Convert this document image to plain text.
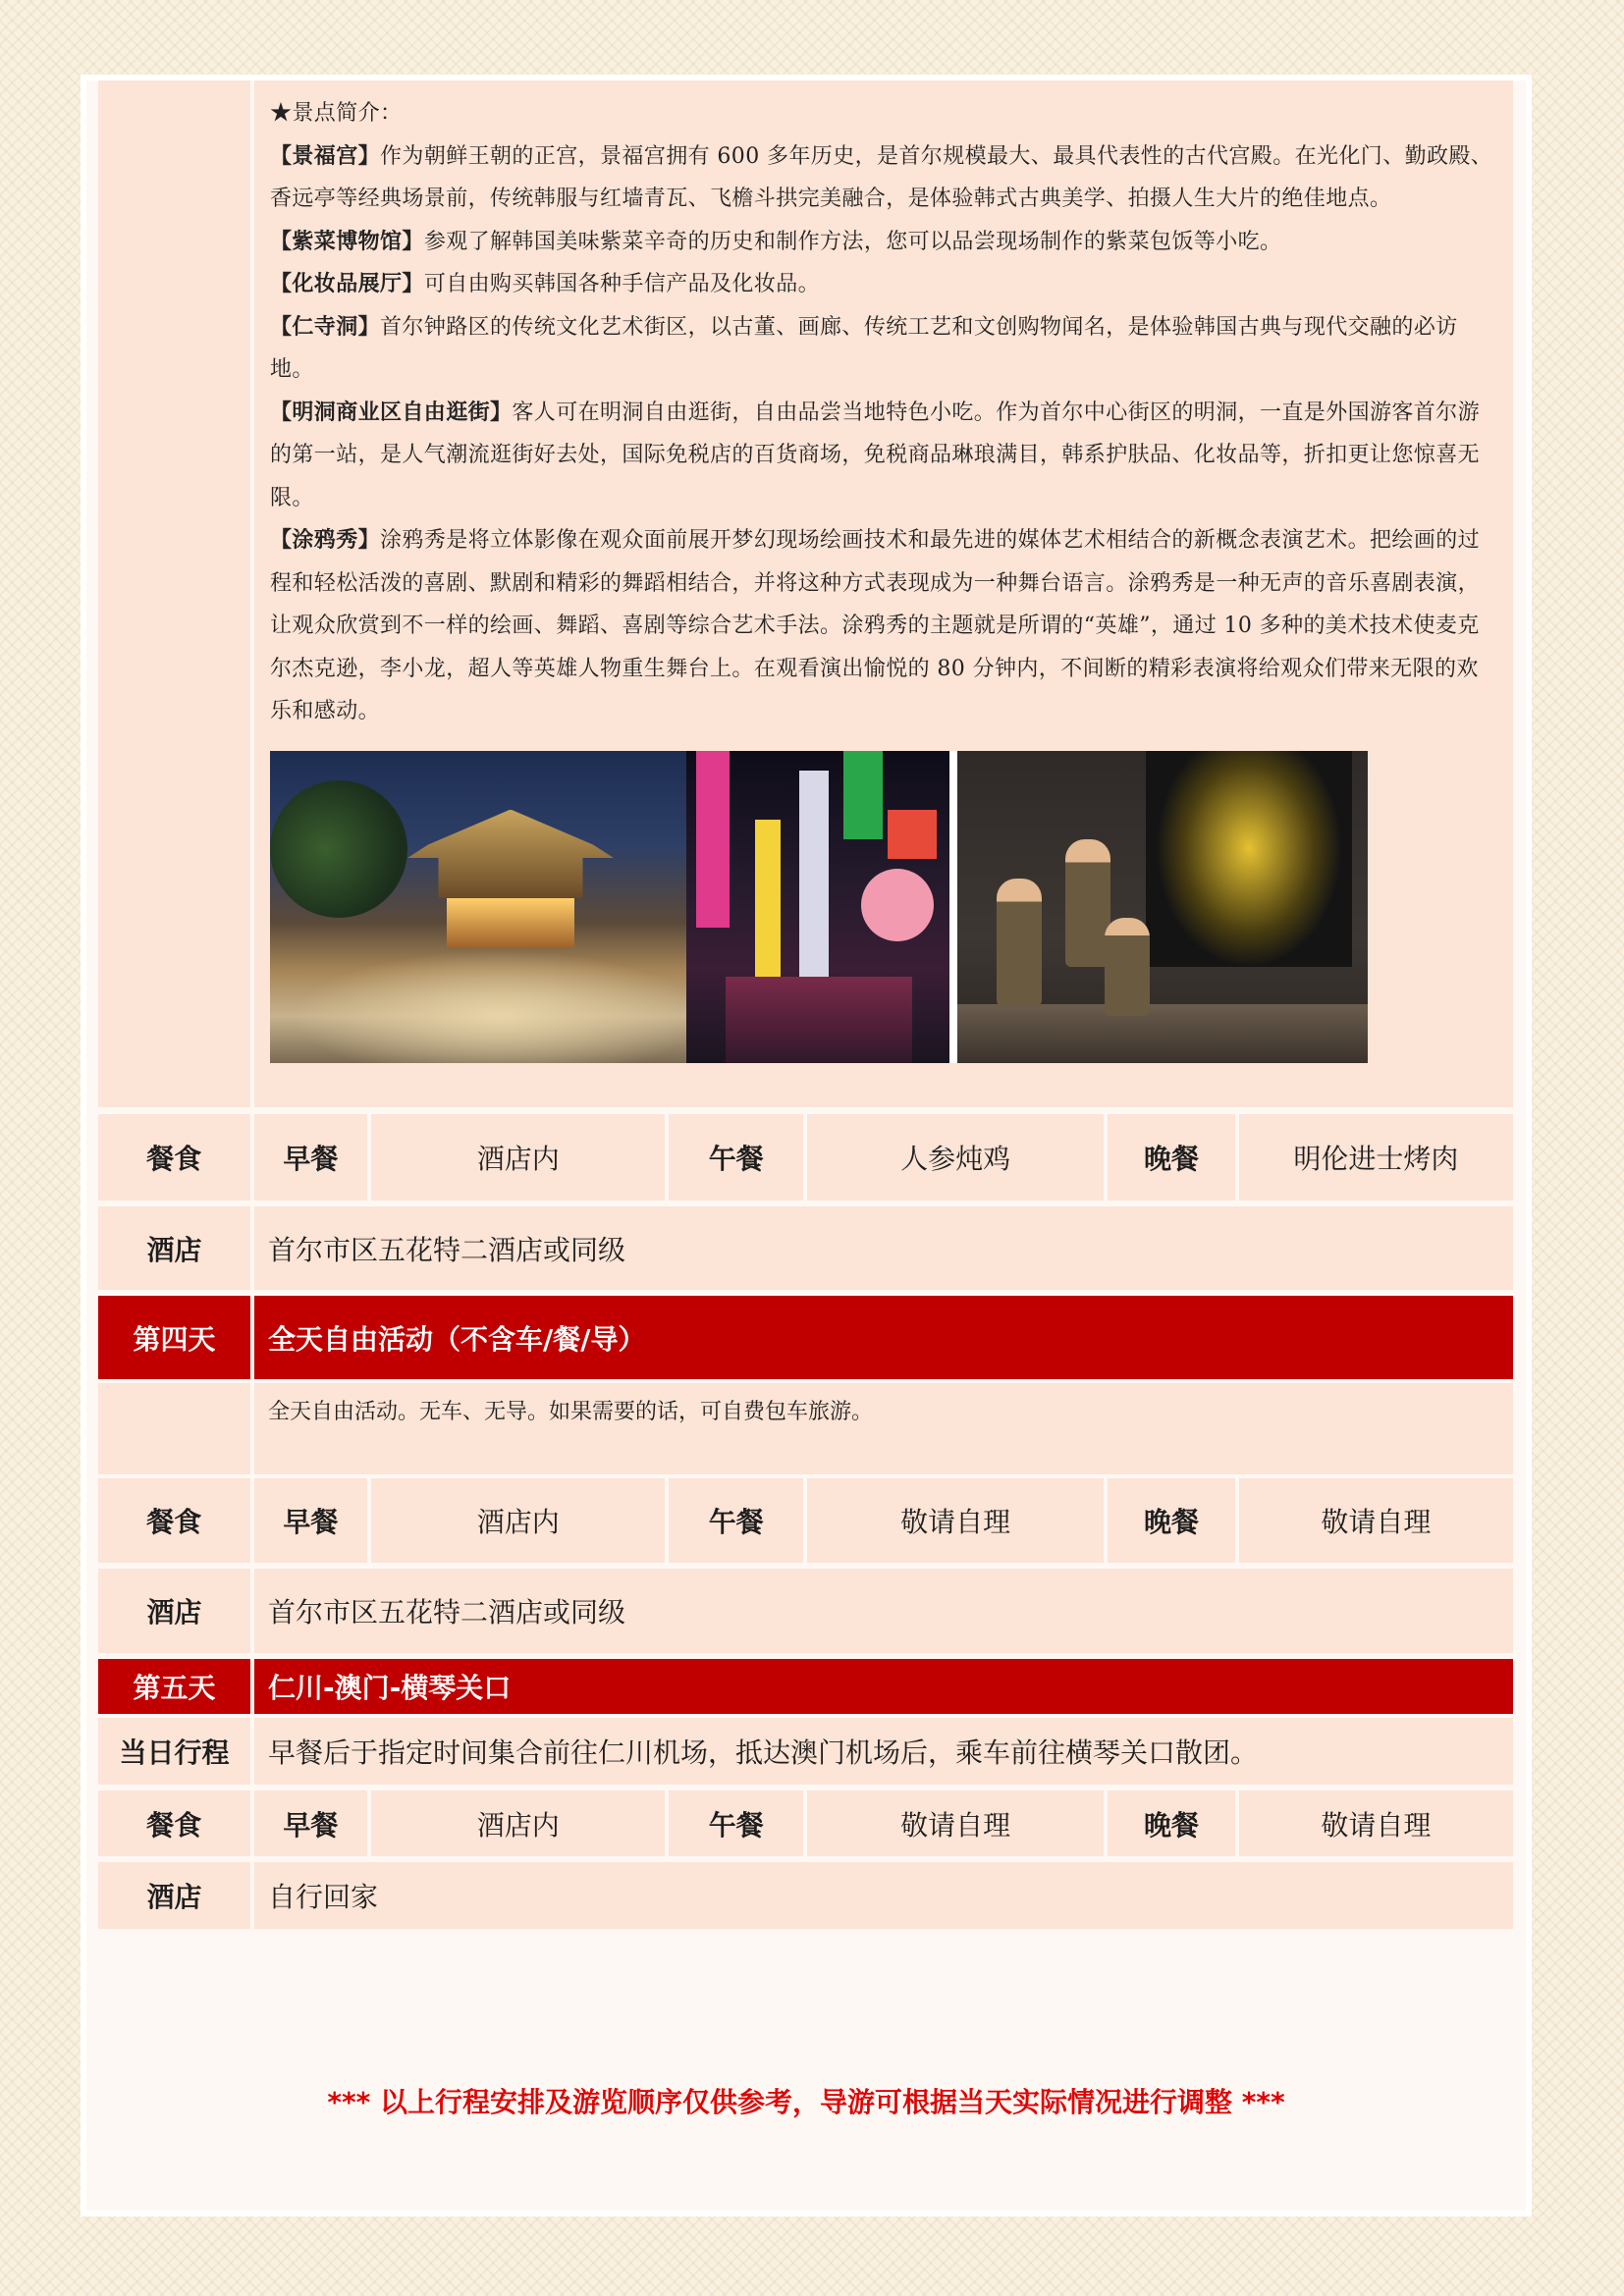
★景点简介：

【景福宫】作为朝鲜王朝的正宫，景福宫拥有 600 多年历史，是首尔规模最大、最具代表性的古代宫殿。在光化门、勤政殿、香远亭等经典场景前，传统韩服与红墙青瓦、飞檐斗拱完美融合，是体验韩式古典美学、拍摄人生大片的绝佳地点。

【紫菜博物馆】参观了解韩国美味紫菜辛奇的历史和制作方法，您可以品尝现场制作的紫菜包饭等小吃。

【化妆品展厅】可自由购买韩国各种手信产品及化妆品。

【仁寺洞】首尔钟路区的传统文化艺术街区，以古董、画廊、传统工艺和文创购物闻名，是体验韩国古典与现代交融的必访地。

【明洞商业区自由逛街】客人可在明洞自由逛街，自由品尝当地特色小吃。作为首尔中心街区的明洞，一直是外国游客首尔游的第一站，是人气潮流逛街好去处，国际免税店的百货商场，免税商品琳琅满目，韩系护肤品、化妆品等，折扣更让您惊喜无限。

【涂鸦秀】涂鸦秀是将立体影像在观众面前展开梦幻现场绘画技术和最先进的媒体艺术相结合的新概念表演艺术。把绘画的过程和轻松活泼的喜剧、默剧和精彩的舞蹈相结合，并将这种方式表现成为一种舞台语言。涂鸦秀是一种无声的音乐喜剧表演，让观众欣赏到不一样的绘画、舞蹈、喜剧等综合艺术手法。涂鸦秀的主题就是所谓的“英雄”，通过 10 多种的美术技术使麦克尔杰克逊，李小龙，超人等英雄人物重生舞台上。在观看演出愉悦的 80 分钟内，不间断的精彩表演将给观众们带来无限的欢乐和感动。

餐食	早餐	酒店内	午餐	人参炖鸡	晚餐	明伦进士烤肉
酒店	首尔市区五花特二酒店或同级
第四天	全天自由活动（不含车/餐/导）
全天自由活动。无车、无导。如果需要的话，可自费包车旅游。
餐食	早餐	酒店内	午餐	敬请自理	晚餐	敬请自理
酒店	首尔市区五花特二酒店或同级
第五天	仁川-澳门-横琴关口
当日行程	早餐后于指定时间集合前往仁川机场，抵达澳门机场后，乘车前往横琴关口散团。
餐食	早餐	酒店内	午餐	敬请自理	晚餐	敬请自理
酒店	自行回家
*** 以上行程安排及游览顺序仅供参考，导游可根据当天实际情况进行调整 ***
